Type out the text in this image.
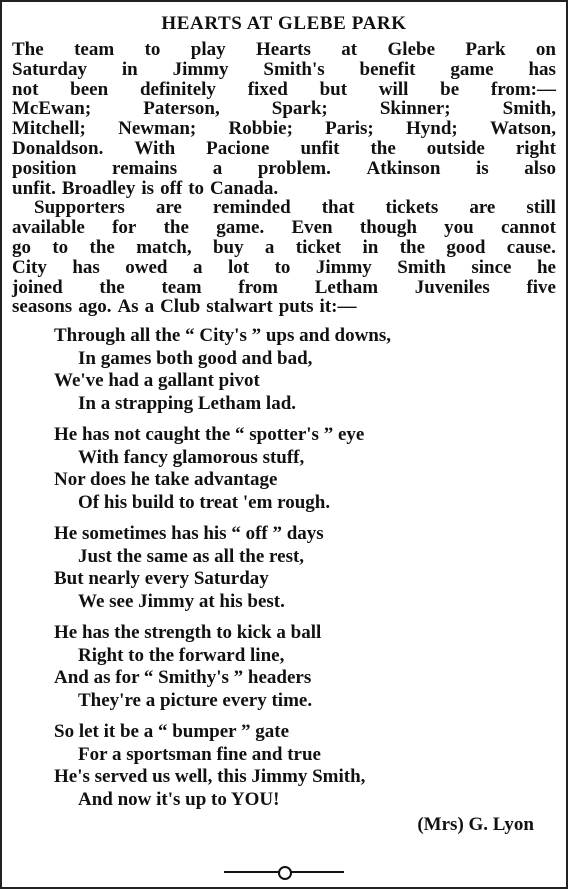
HEARTS AT GLEBE PARK
The team to play Hearts at Glebe Park on
Saturday in Jimmy Smith's benefit game has
not been definitely fixed but will be from:—
McEwan;	Paterson,	Spark;	Skinner;	Smith,
Mitchell; Newman; Robbie; Paris; Hynd; Watson,
Donaldson. With Pacione unfit the outside right
position remains a problem. Atkinson is also
unfit. Broadley is off to Canada.
Supporters are reminded that tickets are still
available for the game. Even though you cannot
go to the match, buy a ticket in the good cause.
City has owed a lot to Jimmy Smith since he
joined the team from Letham Juveniles five
seasons ago. As a Club stalwart puts it:—
Through all the “ City's ” ups and downs,
In games both good and bad,
We've had a gallant pivot
In a strapping Letham lad.
He has not caught the “ spotter's ” eye
With fancy glamorous stuff,
Nor does he take advantage
Of his build to treat 'em rough.
He sometimes has his “ off ” days
Just the same as all the rest,
But nearly every Saturday
We see Jimmy at his best.
He has the strength to kick a ball
Right to the forward line,
And as for “ Smithy's ” headers
They're a picture every time.
So let it be a “ bumper ” gate
For a sportsman fine and true
He's served us well, this Jimmy Smith,
And now it's up to YOU!
(Mrs) G. Lyon
